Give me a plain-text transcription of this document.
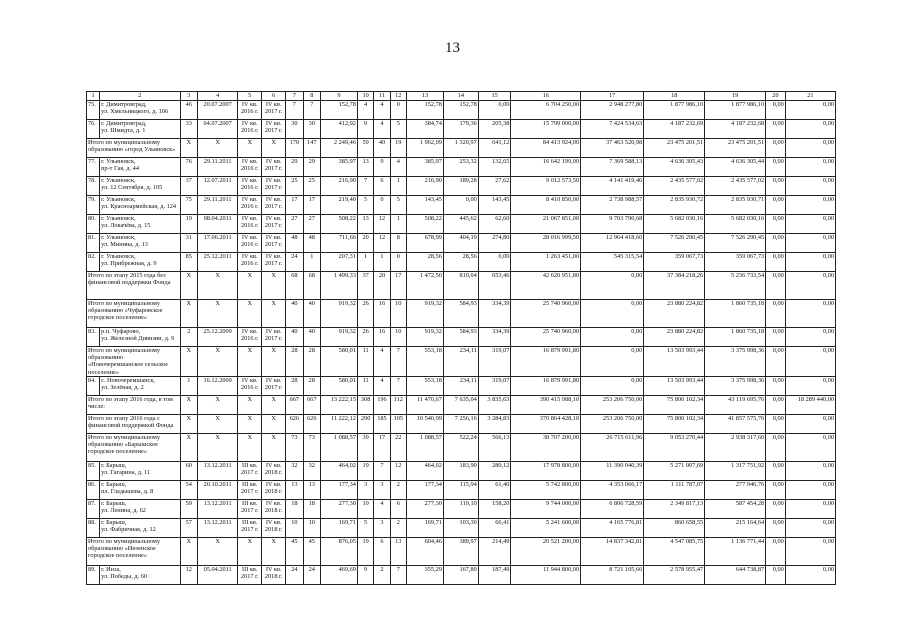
13
1	2	3	4	5	6	7	8	9	10	11	12	13	14	15	16	17	18	19	20	21
75.	г. Димитровград,
ул. Хмельницкого, д. 106	46	20.07.2007	IV кв.
2016 г.	IV кв.
2017 г.	7	7	152,78	4	4	0	152,78	152,78	0,00	6 704 250,00	2 948 277,80	1 877 986,10	1 877 986,10	0,00	0,00
76.	г. Димитровград,
ул. Шмидта, д. 1	33	04.07.2007	IV кв.
2016 г.	IV кв.
2017 г.	30	30	412,92	9	4	5	384,74	179,36	205,38	15 799 000,00	7 424 534,63	4 187 232,69	4 187 232,68	0,00	0,00
Итого по муниципальному образованию «город Ульяновск»		X	X	X	X	170	147	2 249,46	59	40	19	1 962,09	1 320,97	641,12	84 413 924,00	37 463 520,98	23 475 201,51	23 475 201,51	0,00	0,00
77.	г. Ульяновск,
пр-т Гая, д. 44	76	29.11.2011	IV кв.
2016 г.	IV кв.
2017 г.	29	29	385,97	13	9	4	385,97	253,32	132,65	16 642 199,00	7 369 588,13	4 636 305,43	4 636 305,44	0,00	0,00
78.	г. Ульяновск,
ул. 12 Сентября, д. 105	37	12.07.2011	IV кв.
2016 г.	IV кв.
2017 г.	25	25	216,90	7	6	1	216,90	189,28	27,62	9 012 573,50	4 141 419,46	2 435 577,02	2 435 577,02	0,00	0,00
79.	г. Ульяновск,
ул. Красноармейская, д. 124	75	29.11.2011	IV кв.
2016 г.	IV кв.
2017 г.	17	17	219,40	5	0	5	143,45	0,00	143,45	8 410 850,00	2 738 988,57	2 835 930,72	2 835 930,71	0,00	0,00
80.	г. Ульяновск,
ул. Локачёва, д. 15	19	08.04.2011	IV кв.
2016 г.	IV кв.
2017 г.	27	27	508,22	13	12	1	508,22	445,62	62,60	21 067 851,00	9 703 790,68	5 682 030,16	5 682 030,16	0,00	0,00
81.	г. Ульяновск,
ул. Минина, д. 13	31	17.06.2011	IV кв.
2016 г.	IV кв.
2017 г.	48	48	711,66	20	12	8	678,99	404,19	274,80	28 016 999,50	12 964 418,60	7 526 290,45	7 526 290,45	0,00	0,00
82.	г. Ульяновск,
ул. Прибрежная, д. 9	85	25.12.2011	IV кв.
2016 г.	IV кв.
2017 г.	24	1	207,31	1	1	0	28,56	28,56	0,00	1 263 451,00	545 315,54	359 067,73	359 067,73	0,00	0,00
Итого по этапу 2015 года без финансовой поддержки Фонда		X	X	X	X	68	68	1 499,33	37	20	17	1 472,50	819,04	653,46	42 620 951,80	0,00	37 384 218,26	5 236 733,54	0,00	0,00
Итого по муниципальному образованию «Чуфаровское городское поселение»		X	X	X	X	40	40	919,32	26	16	10	919,32	584,93	334,39	25 740 960,00	0,00	23 880 224,82	1 860 735,18	0,00	0,00
83.	р.п. Чуфарово,
ул. Железной Дивизии, д. 9	2	25.12.2009	IV кв.
2016 г.	IV кв.
2017 г.	40	40	919,32	26	16	10	919,32	584,93	334,39	25 740 960,00	0,00	23 880 224,82	1 860 735,18	0,00	0,00
Итого по муниципальному образованию «Новочеремшанское сельское поселение»		X	X	X	X	28	28	580,01	11	4	7	553,18	234,11	319,07	16 879 991,80	0,00	13 503 993,44	3 375 998,36	0,00	0,00
84.	с. Новочеремшанск,
ул. Зелёная, д. 2	1	16.12.2009	IV кв.
2016 г.	IV кв.
2017 г.	28	28	580,01	11	4	7	553,18	234,11	319,07	16 879 991,80	0,00	13 503 993,44	3 375 998,36	0,00	0,00
Итого по этапу 2016 года, в том числе:		X	X	X	X	667	667	13 222,15	308	196	112	11 470,67	7 635,04	3 835,63	390 415 988,10	253 206 750,00	75 800 102,34	43 119 695,76	0,00	18 289 440,00
Итого по этапу 2016 года с финансовой поддержкой Фонда		X	X	X	X	626	626	11 222,12	290	185	105	10 540,99	7 256,16	3 284,83	370 864 428,10	253 206 750,00	75 800 102,34	41 857 575,76	0,00	0,00
Итого по муниципальному образованию «Барышское городское поселение»		X	X	X	X	73	73	1 088,57	39	17	22	1 088,57	522,24	566,13	38 707 200,00	26 715 611,96	9 053 270,44	2 938 317,60	0,00	0,00
85.	г. Барыш,
ул. Гагарина, д. 11	60	13.12.2011	III кв.
2017 г.	IV кв.
2018 г.	32	32	464,02	19	7	12	464,02	183,90	280,12	17 978 800,00	11 390 040,39	5 271 007,69	1 317 751,92	0,00	0,00
86.	г. Барыш,
пл. Гладышева, д. 8	54	20.10.2011	III кв.
2017 г.	IV кв.
2018 г.	13	13	177,34	3	3	2	177,34	115,94	61,40	5 742 800,00	4 353 066,17	1 111 787,07	277 946,76	0,00	0,00
87.	г. Барыш,
ул. Ленина, д. 62	59	13.12.2011	III кв.
2017 г.	IV кв.
2018 г.	18	18	277,30	10	4	6	277,30	119,10	158,20	9 744 000,00	6 806 728,59	2 349 817,13	587 454,28	0,00	0,00
88.	г. Барыш,
ул. Фабричная, д. 12	57	13.12.2011	III кв.
2017 г.	IV кв.
2018 г.	10	10	169,71	5	3	2	169,71	103,30	66,41	5 241 600,00	4 165 776,81	860 658,55	215 164,64	0,00	0,00
Итого по муниципальному образованию «Инзенское городское поселение»		X	X	X	X	45	45	876,05	19	6	13	604,46	389,97	214,49	20 521 200,00	14 837 342,81	4 547 085,75	1 136 771,44	0,00	0,00
89.	г. Инза,
ул. Победы, д. 60	12	05.04.2011	III кв.
2017 г.	IV кв.
2018 г.	24	24	469,69	9	2	7	355,29	167,80	187,49	11 944 800,00	8 721 105,66	2 578 955,47	644 738,87	0,00	0,00
